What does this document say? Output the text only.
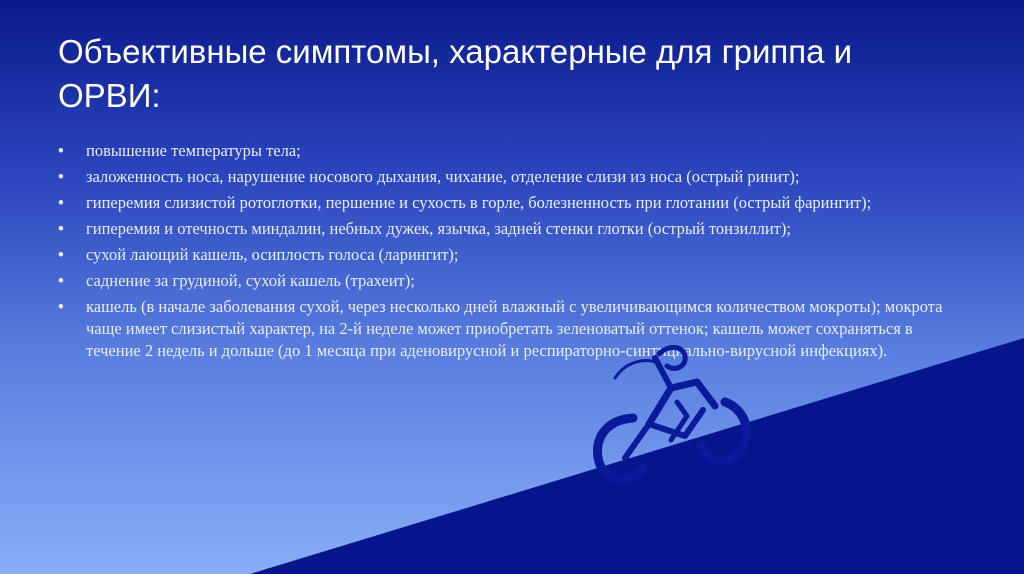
Объективные симптомы, характерные для гриппа и ОРВИ:
• повышение температуры тела;
• заложенность носа, нарушение носового дыхания, чихание, отделение слизи из носа (острый ринит);
• гиперемия слизистой ротоглотки, першение и сухость в горле, болезненность при глотании (острый фарингит);
• гиперемия и отечность миндалин, небных дужек, язычка, задней стенки глотки (острый тонзиллит);
• сухой лающий кашель, осиплость голоса (ларингит);
• саднение за грудиной, сухой кашель (трахеит);
• кашель (в начале заболевания сухой, через несколько дней влажный с увеличивающимся количеством мокроты); мокрота чаще имеет слизистый характер, на 2-й неделе может приобретать зеленоватый оттенок; кашель может сохраняться в течение 2 недель и дольше (до 1 месяца при аденовирусной и респираторно-синтициально-вирусной инфекциях).
